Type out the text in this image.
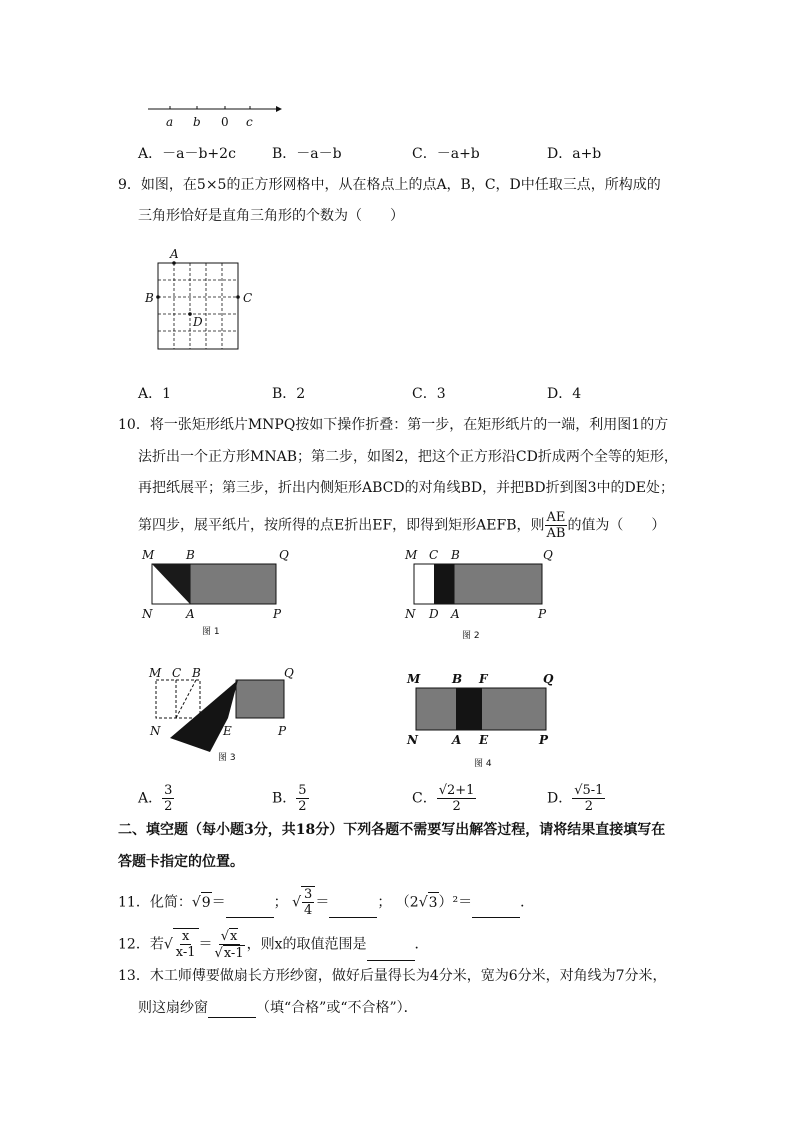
a b 0 c
A．－a－b+2c	B．－a－b	C．－a+b	D．a+b
9．如图，在5×5的正方形网格中，从在格点上的点A，B，C，D中任取三点，所构成的
三角形恰好是直角三角形的个数为（　　）
A
B	C
D
A．1	B．2	C．3	D．4
10．将一张矩形纸片MNPQ按如下操作折叠：第一步，在矩形纸片的一端，利用图1的方
法折出一个正方形MNAB；第二步，如图2，把这个正方形沿CD折成两个全等的矩形，
再把纸展平；第三步，折出内侧矩形ABCD的对角线BD，并把BD折到图3中的DE处；
第四步，展平纸片，按所得的点E折出EF，即得到矩形AEFB，则 $\frac{AE}{AB}$ 的值为（　　）
M	B	Q
N	A	P
图 1
M C B	Q
N D A	P
图 2
M C B	Q
N	E	P
图 3
M	B F	Q
N	A E	P
图 4
A． $\frac{3}{2}$	B． $\frac{5}{2}$	C． $\frac{√2+1}{2}$	D． $\frac{√5-1}{2}$
二、填空题（每小题3分，共18分）下列各题不需要写出解答过程，请将结果直接填写在
答题卡指定的位置。
11．化简：√9＝	； √ $\frac{3}{4}$ ＝	； （2√3）²＝	．
12．若√ $\frac{x}{x-1} = \frac{√x}{√x-1}$ ，则x的取值范围是	．
13．木工师傅要做扇长方形纱窗，做好后量得长为4分米，宽为6分米，对角线为7分米，
则这扇纱窗	（填“合格”或“不合格”）．
